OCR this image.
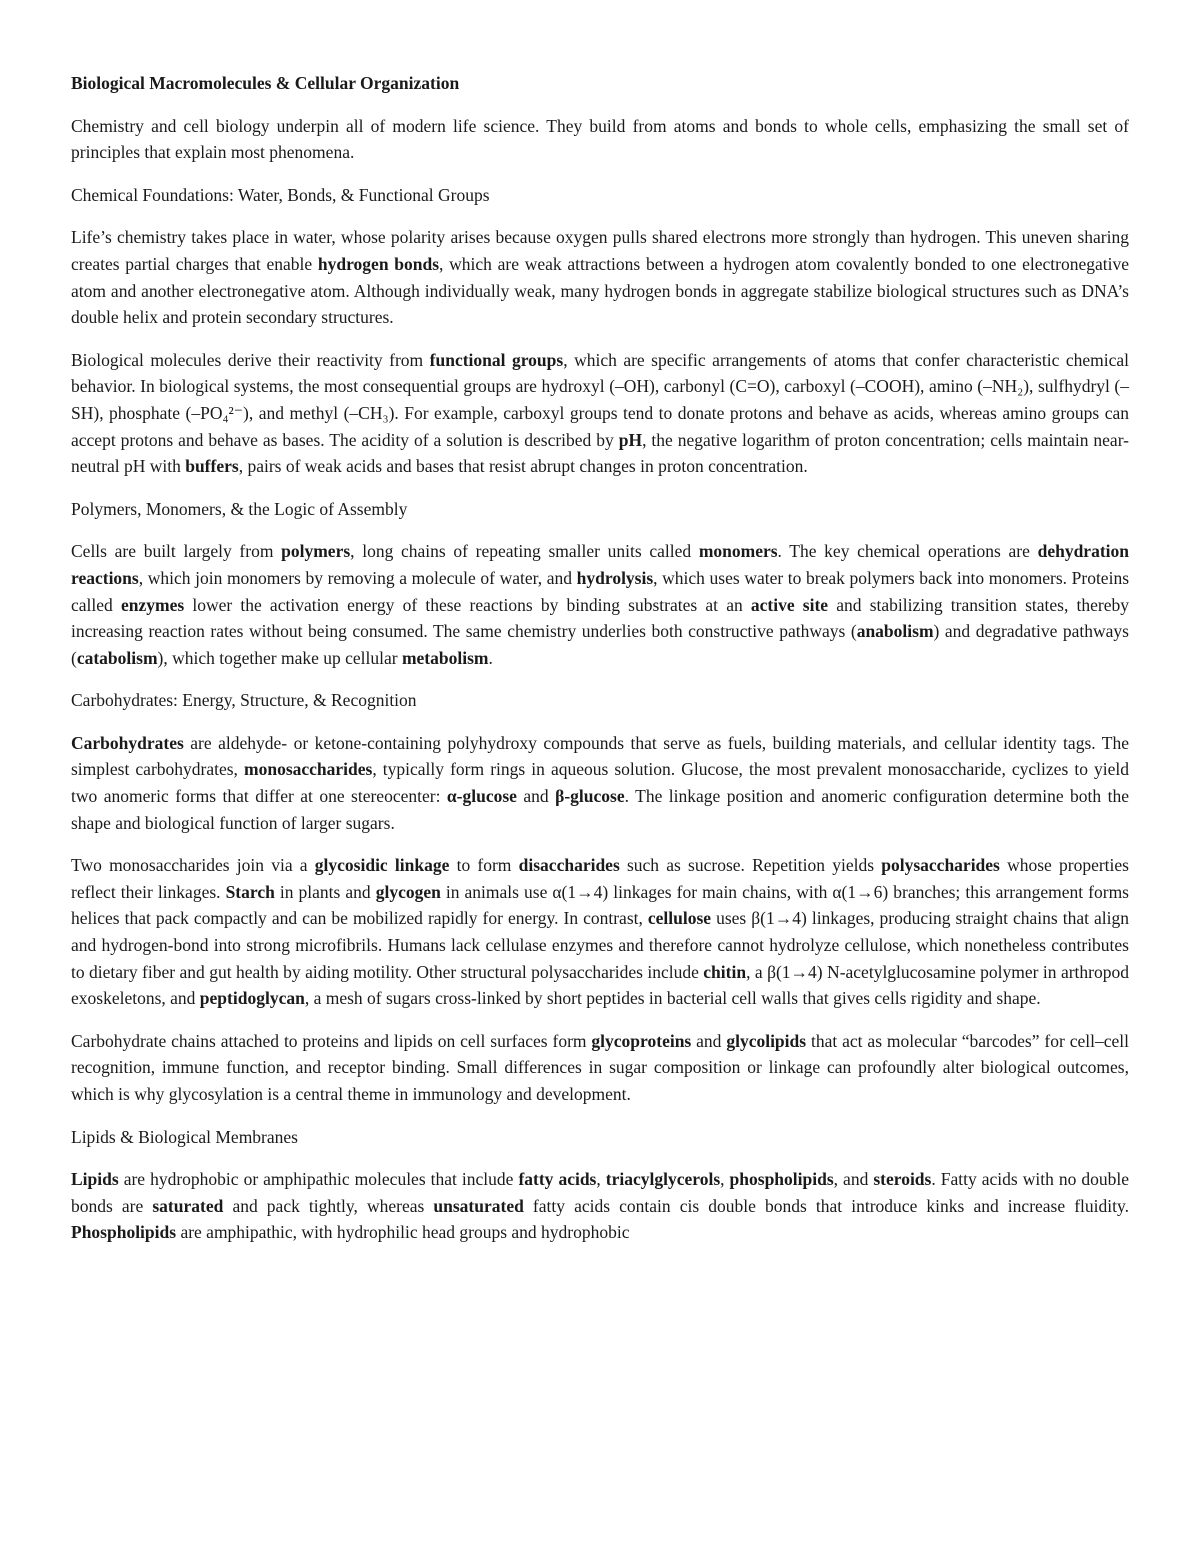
Biological Macromolecules & Cellular Organization

Chemistry and cell biology underpin all of modern life science. They build from atoms and bonds to whole cells, emphasizing the small set of principles that explain most phenomena.

Chemical Foundations: Water, Bonds, & Functional Groups

Life’s chemistry takes place in water, whose polarity arises because oxygen pulls shared electrons more strongly than hydrogen. This uneven sharing creates partial charges that enable hydrogen bonds, which are weak attractions between a hydrogen atom covalently bonded to one electronegative atom and another electronegative atom. Although individually weak, many hydrogen bonds in aggregate stabilize biological structures such as DNA’s double helix and protein secondary structures.

Biological molecules derive their reactivity from functional groups, which are specific arrangements of atoms that confer characteristic chemical behavior. In biological systems, the most consequential groups are hydroxyl (–OH), carbonyl (C=O), carboxyl (–COOH), amino (–NH₂), sulfhydryl (–SH), phosphate (–PO₄²⁻), and methyl (–CH₃). For example, carboxyl groups tend to donate protons and behave as acids, whereas amino groups can accept protons and behave as bases. The acidity of a solution is described by pH, the negative logarithm of proton concentration; cells maintain near-neutral pH with buffers, pairs of weak acids and bases that resist abrupt changes in proton concentration.

Polymers, Monomers, & the Logic of Assembly

Cells are built largely from polymers, long chains of repeating smaller units called monomers. The key chemical operations are dehydration reactions, which join monomers by removing a molecule of water, and hydrolysis, which uses water to break polymers back into monomers. Proteins called enzymes lower the activation energy of these reactions by binding substrates at an active site and stabilizing transition states, thereby increasing reaction rates without being consumed. The same chemistry underlies both constructive pathways (anabolism) and degradative pathways (catabolism), which together make up cellular metabolism.

Carbohydrates: Energy, Structure, & Recognition

Carbohydrates are aldehyde- or ketone-containing polyhydroxy compounds that serve as fuels, building materials, and cellular identity tags. The simplest carbohydrates, monosaccharides, typically form rings in aqueous solution. Glucose, the most prevalent monosaccharide, cyclizes to yield two anomeric forms that differ at one stereocenter: α-glucose and β-glucose. The linkage position and anomeric configuration determine both the shape and biological function of larger sugars.

Two monosaccharides join via a glycosidic linkage to form disaccharides such as sucrose. Repetition yields polysaccharides whose properties reflect their linkages. Starch in plants and glycogen in animals use α(1→4) linkages for main chains, with α(1→6) branches; this arrangement forms helices that pack compactly and can be mobilized rapidly for energy. In contrast, cellulose uses β(1→4) linkages, producing straight chains that align and hydrogen-bond into strong microfibrils. Humans lack cellulase enzymes and therefore cannot hydrolyze cellulose, which nonetheless contributes to dietary fiber and gut health by aiding motility. Other structural polysaccharides include chitin, a β(1→4) N-acetylglucosamine polymer in arthropod exoskeletons, and peptidoglycan, a mesh of sugars cross-linked by short peptides in bacterial cell walls that gives cells rigidity and shape.

Carbohydrate chains attached to proteins and lipids on cell surfaces form glycoproteins and glycolipids that act as molecular “barcodes” for cell–cell recognition, immune function, and receptor binding. Small differences in sugar composition or linkage can profoundly alter biological outcomes, which is why glycosylation is a central theme in immunology and development.

Lipids & Biological Membranes

Lipids are hydrophobic or amphipathic molecules that include fatty acids, triacylglycerols, phospholipids, and steroids. Fatty acids with no double bonds are saturated and pack tightly, whereas unsaturated fatty acids contain cis double bonds that introduce kinks and increase fluidity. Phospholipids are amphipathic, with hydrophilic head groups and hydrophobic
